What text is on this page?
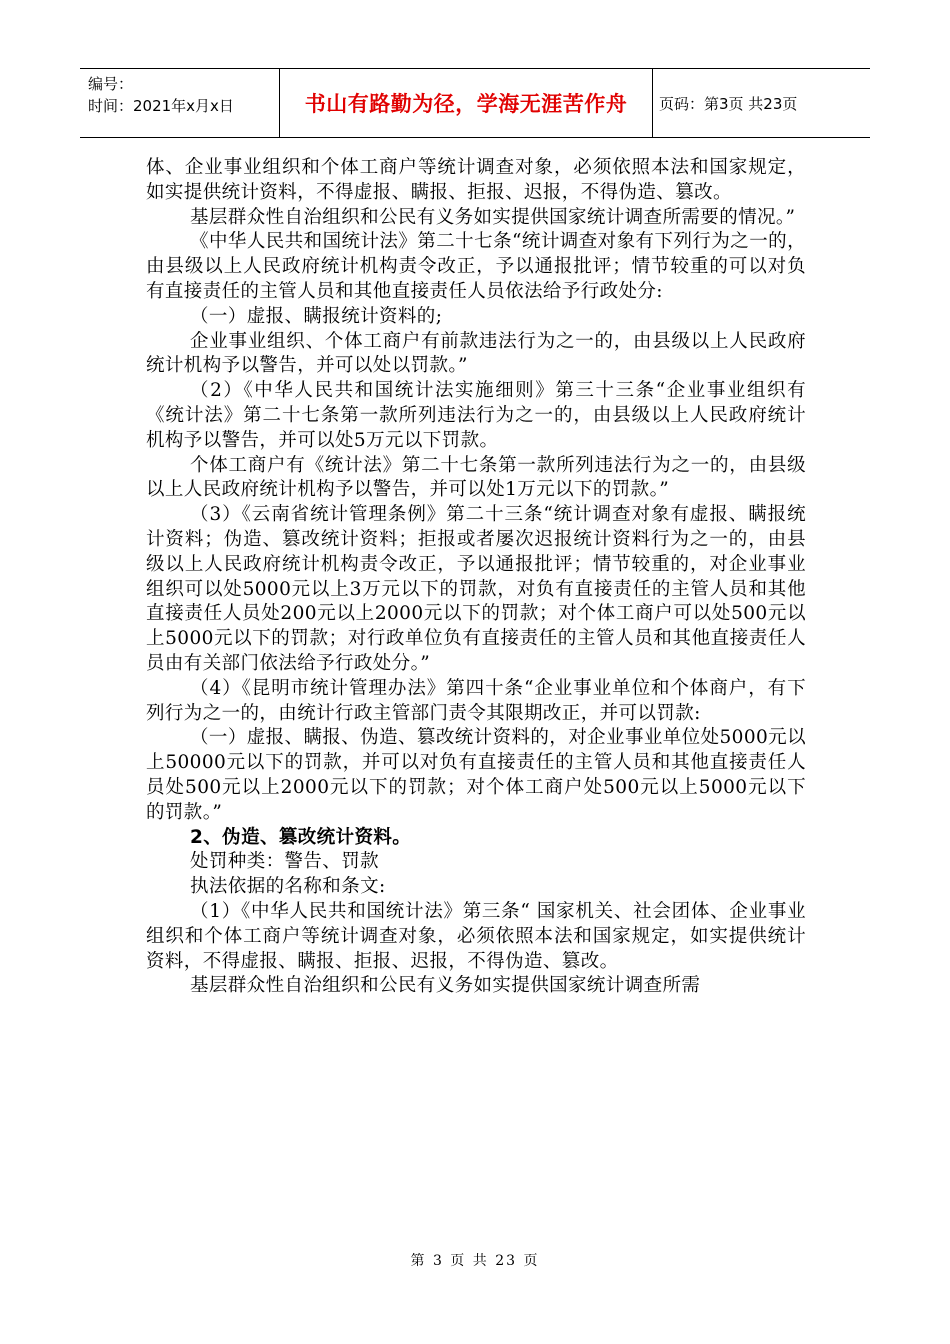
编号：
时间：2021年x月x日	书山有路勤为径，学海无涯苦作舟	页码：第3页 共23页

体、企业事业组织和个体工商户等统计调查对象，必须依照本法和国家规定，如实提供统计资料，不得虚报、瞒报、拒报、迟报，不得伪造、篡改。

基层群众性自治组织和公民有义务如实提供国家统计调查所需要的情况。”

《中华人民共和国统计法》第二十七条“统计调查对象有下列行为之一的，由县级以上人民政府统计机构责令改正，予以通报批评；情节较重的可以对负有直接责任的主管人员和其他直接责任人员依法给予行政处分:

（一）虚报、瞒报统计资料的;

企业事业组织、个体工商户有前款违法行为之一的，由县级以上人民政府统计机构予以警告，并可以处以罚款。”

（2）《中华人民共和国统计法实施细则》第三十三条“企业事业组织有《统计法》第二十七条第一款所列违法行为之一的，由县级以上人民政府统计机构予以警告，并可以处5万元以下罚款。

个体工商户有《统计法》第二十七条第一款所列违法行为之一的，由县级以上人民政府统计机构予以警告，并可以处1万元以下的罚款。”

（3）《云南省统计管理条例》第二十三条“统计调查对象有虚报、瞒报统计资料；伪造、篡改统计资料；拒报或者屡次迟报统计资料行为之一的，由县级以上人民政府统计机构责令改正，予以通报批评；情节较重的，对企业事业组织可以处5000元以上3万元以下的罚款，对负有直接责任的主管人员和其他直接责任人员处200元以上2000元以下的罚款；对个体工商户可以处500元以上5000元以下的罚款；对行政单位负有直接责任的主管人员和其他直接责任人员由有关部门依法给予行政处分。”

（4）《昆明市统计管理办法》第四十条“企业事业单位和个体商户，有下列行为之一的，由统计行政主管部门责令其限期改正，并可以罚款:

（一）虚报、瞒报、伪造、篡改统计资料的，对企业事业单位处5000元以上50000元以下的罚款，并可以对负有直接责任的主管人员和其他直接责任人员处500元以上2000元以下的罚款；对个体工商户处500元以上5000元以下的罚款。”

2、伪造、篡改统计资料。

处罚种类：警告、罚款

执法依据的名称和条文:

（1）《中华人民共和国统计法》第三条“ 国家机关、社会团体、企业事业组织和个体工商户等统计调查对象，必须依照本法和国家规定，如实提供统计资料，不得虚报、瞒报、拒报、迟报，不得伪造、篡改。

基层群众性自治组织和公民有义务如实提供国家统计调查所需

第 3 页 共 23 页
